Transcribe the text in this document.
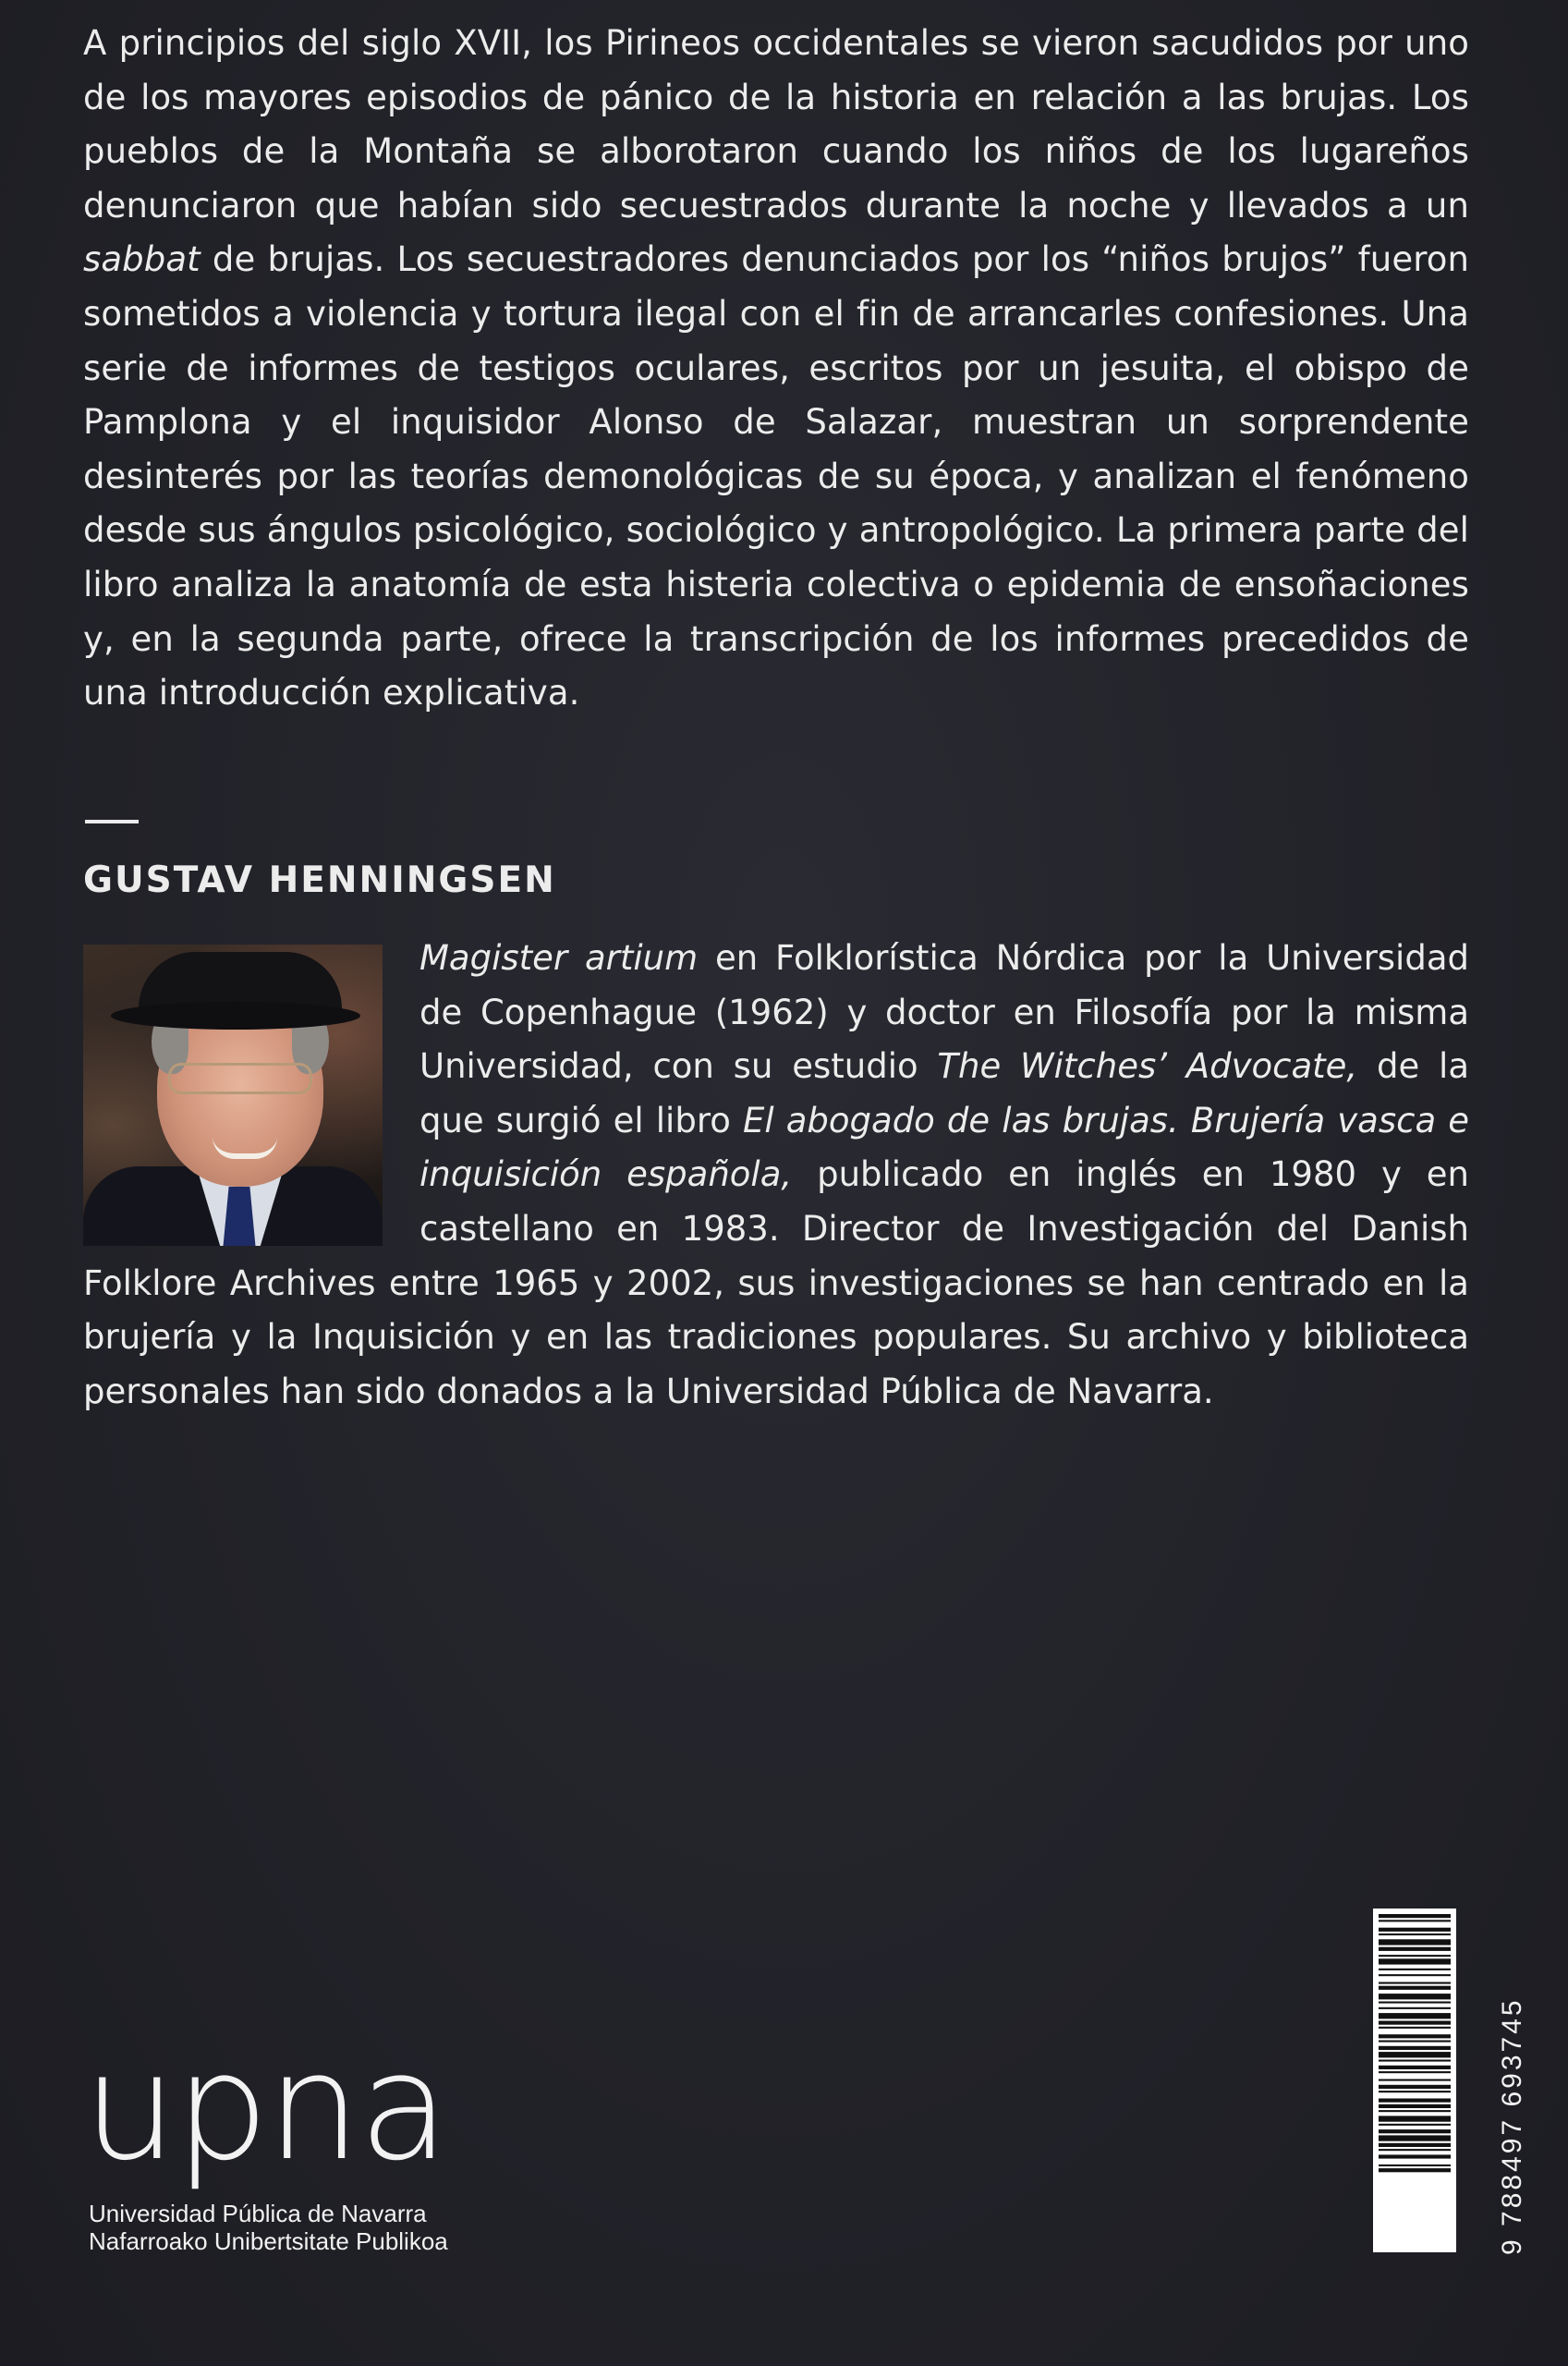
A principios del siglo XVII, los Pirineos occidentales se vieron sacudidos por uno de los mayores episodios de pánico de la historia en relación a las brujas. Los pueblos de la Montaña se alborotaron cuando los niños de los lugareños denunciaron que habían sido secuestrados durante la noche y llevados a un sabbat de brujas. Los secuestradores denunciados por los “niños brujos” fueron sometidos a violencia y tortura ilegal con el fin de arrancarles confesiones. Una serie de informes de testigos oculares, escritos por un jesuita, el obispo de Pamplona y el inquisidor Alonso de Salazar, muestran un sorprendente desinterés por las teorías demonológicas de su época, y analizan el fenómeno desde sus ángulos psicológico, sociológico y antropológico. La primera parte del libro analiza la anatomía de esta histeria colectiva o epidemia de ensoñaciones y, en la segunda parte, ofrece la transcripción de los informes precedidos de una introducción explicativa.
GUSTAV HENNINGSEN
Magister artium en Folklorística Nórdica por la Universidad de Copenhague (1962) y doctor en Filosofía por la misma Universidad, con su estudio The Witches’ Advocate, de la que surgió el libro El abogado de las brujas. Brujería vasca e inquisición española, publicado en inglés en 1980 y en castellano en 1983. Director de Investigación del Danish Folklore Archives entre 1965 y 2002, sus investigaciones se han centrado en la brujería y la Inquisición y en las tradiciones populares. Su archivo y biblioteca personales han sido donados a la Universidad Pública de Navarra.
upna
Universidad Pública de Navarra
Nafarroako Unibertsitate Publikoa	9 788497 693745
